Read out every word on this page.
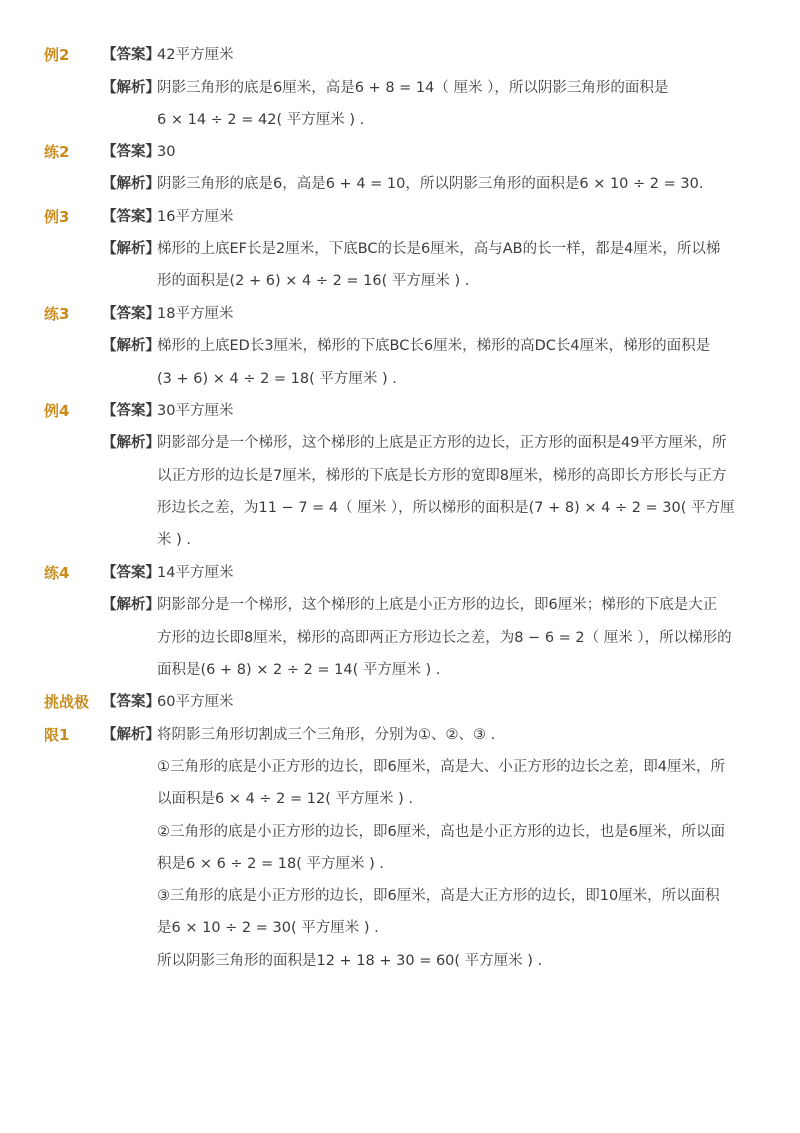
例2 【答案】
42平方厘米
【解析】
阴影三角形的底是6厘米，高是6 + 8 = 14（ 厘米 ），所以阴影三角形的面积是
6 × 14 ÷ 2 = 42( 平方厘米 ) .
练2 【答案】
30
【解析】
阴影三角形的底是6，高是6 + 4 = 10，所以阴影三角形的面积是6 × 10 ÷ 2 = 30.
例3 【答案】
16平方厘米
【解析】
梯形的上底EF长是2厘米，下底BC的长是6厘米，高与AB的长一样，都是4厘米，所以梯
形的面积是(2 + 6) × 4 ÷ 2 = 16( 平方厘米 ) .
练3 【答案】
18平方厘米
【解析】
梯形的上底ED长3厘米，梯形的下底BC长6厘米，梯形的高DC长4厘米，梯形的面积是
(3 + 6) × 4 ÷ 2 = 18( 平方厘米 ) .
例4 【答案】
30平方厘米
【解析】
阴影部分是一个梯形，这个梯形的上底是正方形的边长，正方形的面积是49平方厘米，所
以正方形的边长是7厘米，梯形的下底是长方形的宽即8厘米，梯形的高即长方形长与正方
形边长之差，为11 − 7 = 4（ 厘米 ），所以梯形的面积是(7 + 8) × 4 ÷ 2 = 30( 平方厘
米 ) .
练4 【答案】
14平方厘米
【解析】
阴影部分是一个梯形，这个梯形的上底是小正方形的边长，即6厘米；梯形的下底是大正
方形的边长即8厘米，梯形的高即两正方形边长之差，为8 − 6 = 2（ 厘米 ），所以梯形的
面积是(6 + 8) × 2 ÷ 2 = 14( 平方厘米 ) .
挑战极
限1
【答案】
60平方厘米
【解析】
将阴影三角形切割成三个三角形，分别为①、②、③ .
①三角形的底是小正方形的边长，即6厘米，高是大、小正方形的边长之差，即4厘米，所
以面积是6 × 4 ÷ 2 = 12( 平方厘米 ) .
②三角形的底是小正方形的边长，即6厘米，高也是小正方形的边长，也是6厘米，所以面
积是6 × 6 ÷ 2 = 18( 平方厘米 ) .
③三角形的底是小正方形的边长，即6厘米，高是大正方形的边长，即10厘米，所以面积
是6 × 10 ÷ 2 = 30( 平方厘米 ) .
所以阴影三角形的面积是12 + 18 + 30 = 60( 平方厘米 ) .
